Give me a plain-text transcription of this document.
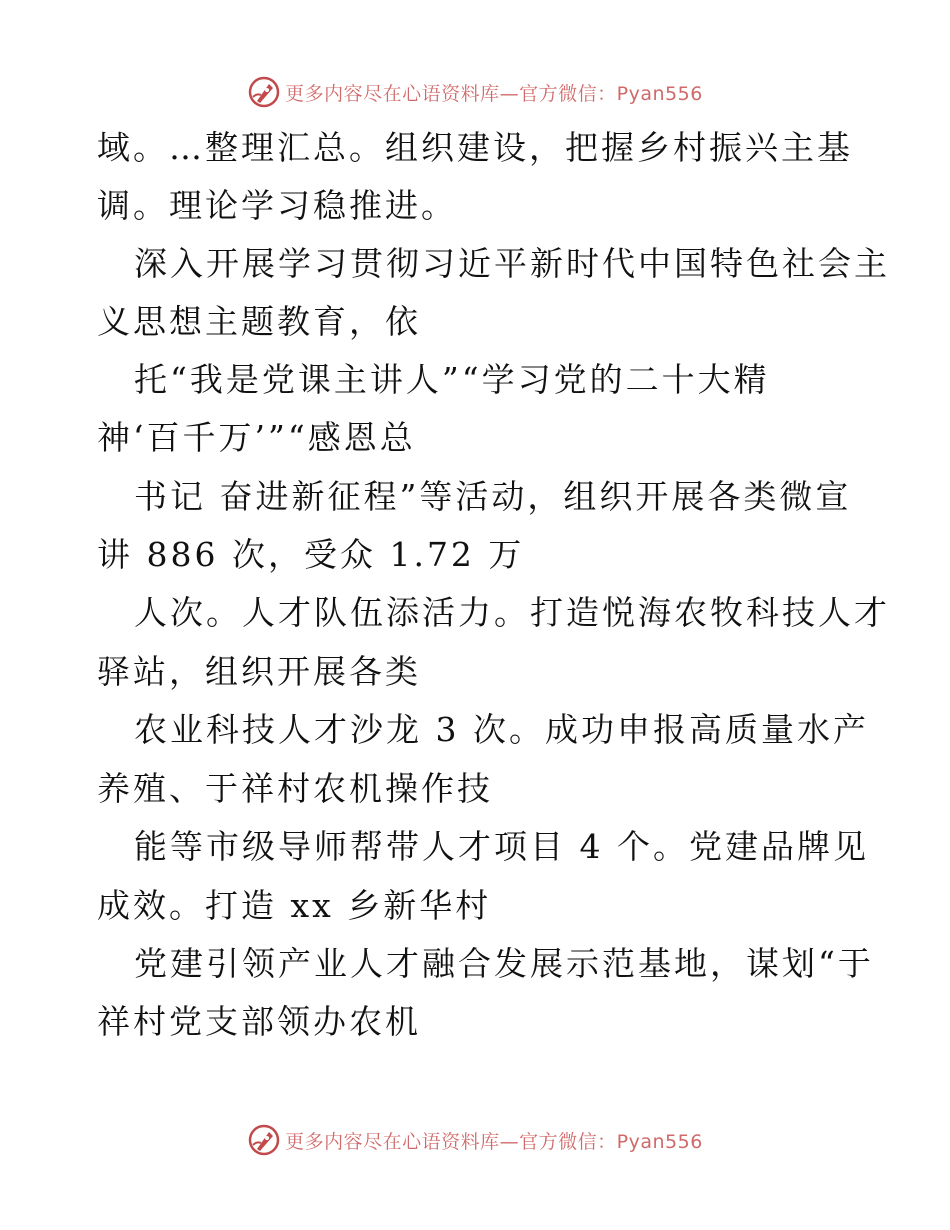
更多内容尽在心语资料库—官方微信：Pyan556
域。…整理汇总。组织建设，把握乡村振兴主基
调。理论学习稳推进。
深入开展学习贯彻习近平新时代中国特色社会主
义思想主题教育，依
托“我是党课主讲人”“学习党的二十大精
神‘百千万’”“感恩总
书记 奋进新征程”等活动，组织开展各类微宣
讲 886 次，受众 1.72 万
人次。人才队伍添活力。打造悦海农牧科技人才
驿站，组织开展各类
农业科技人才沙龙 3 次。成功申报高质量水产
养殖、于祥村农机操作技
能等市级导师帮带人才项目 4 个。党建品牌见
成效。打造 xx 乡新华村
党建引领产业人才融合发展示范基地，谋划“于
祥村党支部领办农机
更多内容尽在心语资料库—官方微信：Pyan556
